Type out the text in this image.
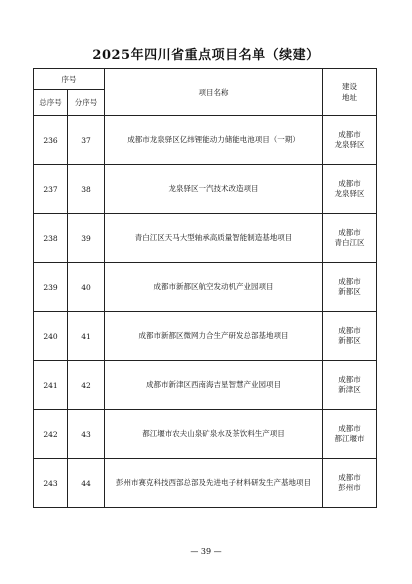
2025年四川省重点项目名单（续建）
序号		项目名称	建设
地址

总序号	分序号		
236	37	成都市龙泉驿区亿纬锂能动力储能电池项目（一期）	成都市
龙泉驿区

237	38	龙泉驿区一汽技术改造项目	成都市
龙泉驿区

238	39	青白江区天马大型轴承高质量智能制造基地项目	成都市
青白江区

239	40	成都市新都区航空发动机产业园项目	成都市
新都区

240	41	成都市新都区微网力合生产研发总部基地项目	成都市
新都区

241	42	成都市新津区西南海吉星智慧产业园项目	成都市
新津区

242	43	都江堰市农夫山泉矿泉水及茶饮料生产项目	成都市
都江堰市

243	44	彭州市赛克科技西部总部及先进电子材料研发生产基地项目	成都市
彭州市
— 39 —
